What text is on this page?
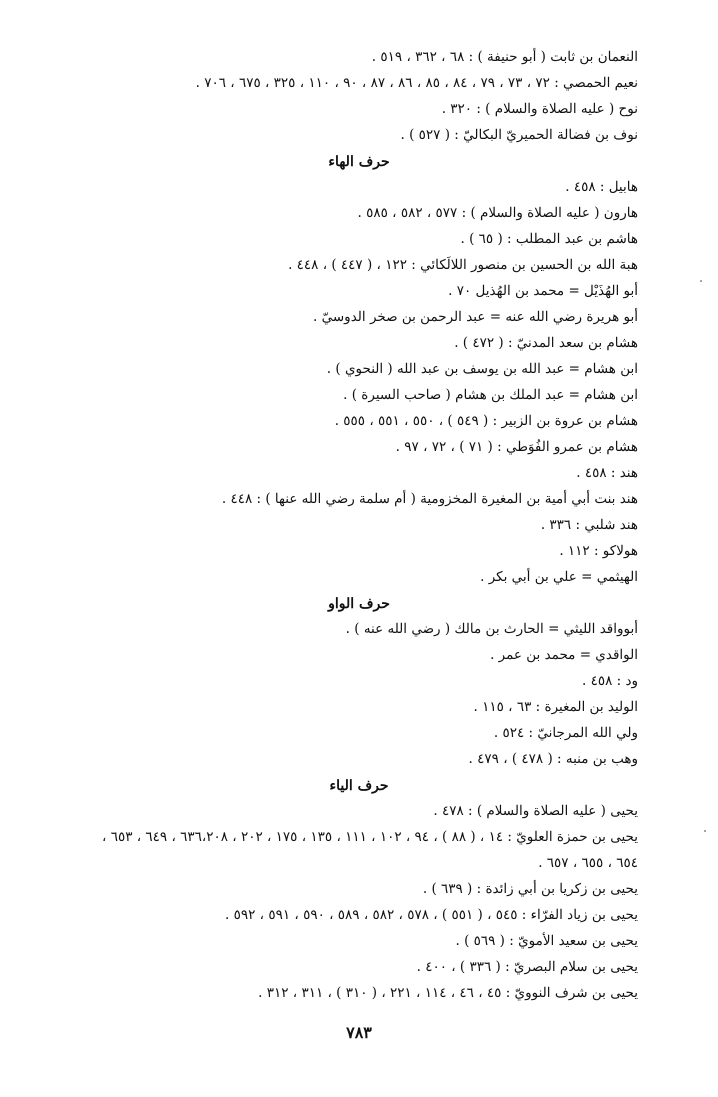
النعمان بن ثابت ( أبو حنيفة ) : ٦٨ ، ٣٦٢ ، ٥١٩ .
نعيم الحمصي : ٧٢ ، ٧٣ ، ٧٩ ، ٨٤ ، ٨٥ ، ٨٦ ، ٨٧ ، ٩٠ ، ١١٠ ، ٣٢٥ ، ٦٧٥ ، ٧٠٦ .
نوح ( عليه الصلاة والسلام ) : ٣٢٠ .
نوف بن فضالة الحميريّ البكاليّ : ( ٥٢٧ ) .
حرف الهاء
هابيل : ٤٥٨ .
هارون ( عليه الصلاة والسلام ) : ٥٧٧ ، ٥٨٢ ، ٥٨٥ .
هاشم بن عبد المطلب : ( ٦٥ ) .
هبة الله بن الحسين بن منصور اللالَكائي : ١٢٢ ، ( ٤٤٧ ) ، ٤٤٨ .
أبو الهُذَيْل = محمد بن الهُذيل ٧٠ .
أبو هريرة رضي الله عنه = عبد الرحمن بن صخر الدوسيّ .
هشام بن سعد المدنيّ : ( ٤٧٢ ) .
ابن هشام = عبد الله بن يوسف بن عبد الله ( النحوي ) .
ابن هشام = عبد الملك بن هشام ( صاحب السيرة ) .
هشام بن عروة بن الزبير : ( ٥٤٩ ) ، ٥٥٠ ، ٥٥١ ، ٥٥٥ .
هشام بن عمرو الفُوَطي : ( ٧١ ) ، ٧٢ ، ٩٧ .
هند : ٤٥٨ .
هند بنت أبي أمية بن المغيرة المخزومية ( أم سلمة رضي الله عنها ) : ٤٤٨ .
هند شلبي : ٣٣٦ .
هولاكو : ١١٢ .
الهيثمي = علي بن أبي بكر .
حرف الواو
أبوواقد الليثي = الحارث بن مالك ( رضي الله عنه ) .
الواقدي = محمد بن عمر .
ود : ٤٥٨ .
الوليد بن المغيرة : ٦٣ ، ١١٥ .
ولي الله المرجانيّ : ٥٢٤ .
وهب بن منبه : ( ٤٧٨ ) ، ٤٧٩ .
حرف الياء
يحيى ( عليه الصلاة والسلام ) : ٤٧٨ .
يحيى بن حمزة العلويّ : ١٤ ، ( ٨٨ ) ، ٩٤ ، ١٠٢ ، ١١١ ، ١٣٥ ، ١٧٥ ، ٢٠٢ ، ٦٣٦،٢٠٨ ، ٦٤٩ ، ٦٥٣ ،
٦٥٤ ، ٦٥٥ ، ٦٥٧ .
يحيى بن زكريا بن أبي زائدة : ( ٦٣٩ ) .
يحيى بن زياد الفرّاء : ٥٤٥ ، ( ٥٥١ ) ، ٥٧٨ ، ٥٨٢ ، ٥٨٩ ، ٥٩٠ ، ٥٩١ ، ٥٩٢ .
يحيى بن سعيد الأمويّ : ( ٥٦٩ ) .
يحيى بن سلام البصريّ : ( ٣٣٦ ) ، ٤٠٠ .
يحيى بن شرف النوويّ : ٤٥ ، ٤٦ ، ١١٤ ، ٢٢١ ، ( ٣١٠ ) ، ٣١١ ، ٣١٢ .
٧٨٣
